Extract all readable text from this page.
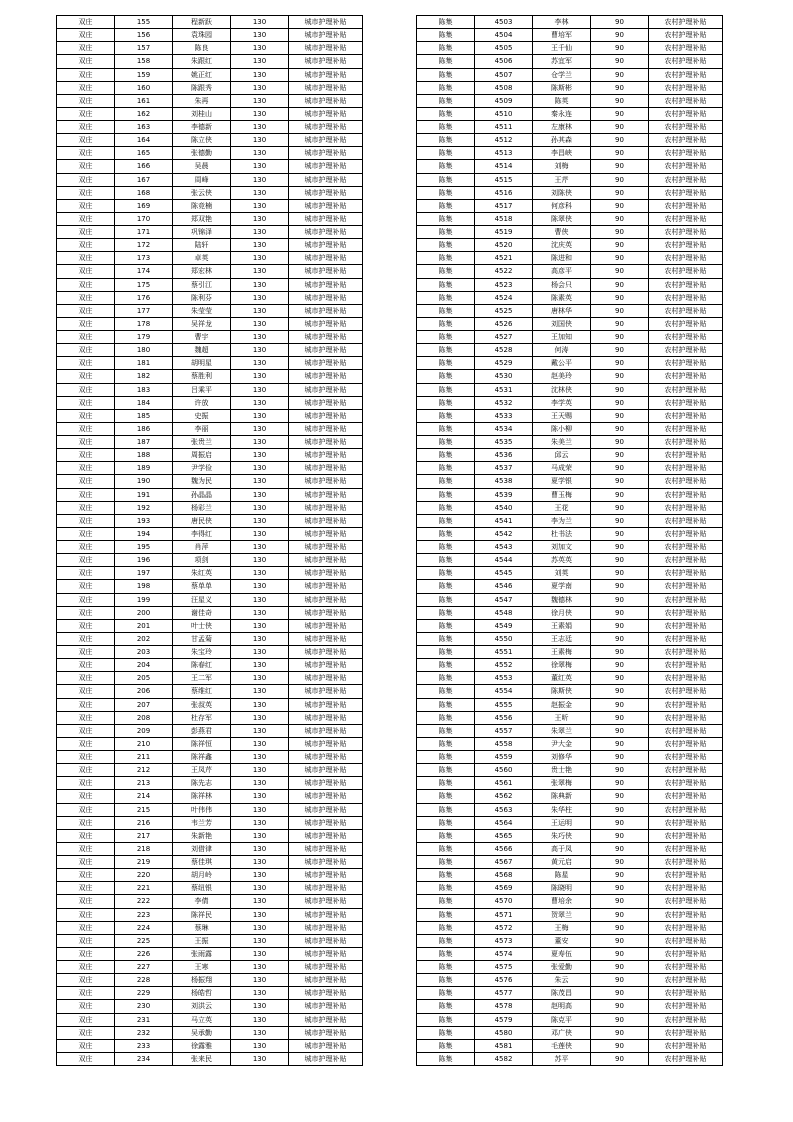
双庄	155	程新跃	130	城市护理补贴
双庄	156	袁珠园	130	城市护理补贴
双庄	157	陈良	130	城市护理补贴
双庄	158	朱跟红	130	城市护理补贴
双庄	159	姚正红	130	城市护理补贴
双庄	160	陈跟秀	130	城市护理补贴
双庄	161	朱再	130	城市护理补贴
双庄	162	刘桂山	130	城市护理补贴
双庄	163	李德新	130	城市护理补贴
双庄	164	陈立侠	130	城市护理补贴
双庄	165	张德勤	130	城市护理补贴
双庄	166	吴晨	130	城市护理补贴
双庄	167	周峰	130	城市护理补贴
双庄	168	张云侠	130	城市护理补贴
双庄	169	陈竞楠	130	城市护理补贴
双庄	170	郑双艳	130	城市护理补贴
双庄	171	巩锦泽	130	城市护理补贴
双庄	172	陆轩	130	城市护理补贴
双庄	173	卓英	130	城市护理补贴
双庄	174	郑宏林	130	城市护理补贴
双庄	175	蔡引江	130	城市护理补贴
双庄	176	陈利芬	130	城市护理补贴
双庄	177	朱莹莹	130	城市护理补贴
双庄	178	吴祥龙	130	城市护理补贴
双庄	179	曹宇	130	城市护理补贴
双庄	180	魏超	130	城市护理补贴
双庄	181	胡明星	130	城市护理补贴
双庄	182	蔡胜利	130	城市护理补贴
双庄	183	吕乘平	130	城市护理补贴
双庄	184	许放	130	城市护理补贴
双庄	185	史振	130	城市护理补贴
双庄	186	李丽	130	城市护理补贴
双庄	187	张贵兰	130	城市护理补贴
双庄	188	周振启	130	城市护理补贴
双庄	189	尹学俭	130	城市护理补贴
双庄	190	魏为民	130	城市护理补贴
双庄	191	孙晶晶	130	城市护理补贴
双庄	192	杨彩兰	130	城市护理补贴
双庄	193	唐民侠	130	城市护理补贴
双庄	194	李得红	130	城市护理补贴
双庄	195	肖萍	130	城市护理补贴
双庄	196	项剑	130	城市护理补贴
双庄	197	朱红英	130	城市护理补贴
双庄	198	蔡单单	130	城市护理补贴
双庄	199	汪星义	130	城市护理补贴
双庄	200	谢佳奇	130	城市护理补贴
双庄	201	叶士侠	130	城市护理补贴
双庄	202	甘孟菊	130	城市护理补贴
双庄	203	朱宝玲	130	城市护理补贴
双庄	204	陈春红	130	城市护理补贴
双庄	205	王二军	130	城市护理补贴
双庄	206	蔡维红	130	城市护理补贴
双庄	207	张叔英	130	城市护理补贴
双庄	208	杜存军	130	城市护理补贴
双庄	209	彭燕君	130	城市护理补贴
双庄	210	陈祥恒	130	城市护理补贴
双庄	211	陈祥鑫	130	城市护理补贴
双庄	212	王凤芹	130	城市护理补贴
双庄	213	陈先志	130	城市护理补贴
双庄	214	陈祥林	130	城市护理补贴
双庄	215	叶伟伟	130	城市护理补贴
双庄	216	韦兰芳	130	城市护理补贴
双庄	217	朱新艳	130	城市护理补贴
双庄	218	刘借律	130	城市护理补贴
双庄	219	蔡佳琪	130	城市护理补贴
双庄	220	胡月岭	130	城市护理补贴
双庄	221	蔡纽银	130	城市护理补贴
双庄	222	李倩	130	城市护理补贴
双庄	223	陈祥民	130	城市护理补贴
双庄	224	蔡琳	130	城市护理补贴
双庄	225	王振	130	城市护理补贴
双庄	226	张雨露	130	城市护理补贴
双庄	227	王寒	130	城市护理补贴
双庄	228	杨振翔	130	城市护理补贴
双庄	229	杨皓哲	130	城市护理补贴
双庄	230	刘洪云	130	城市护理补贴
双庄	231	马立英	130	城市护理补贴
双庄	232	吴承勤	130	城市护理补贴
双庄	233	徐露雅	130	城市护理补贴
双庄	234	张来民	130	城市护理补贴
陈集	4503	李林	90	农村护理补贴
陈集	4504	曹培军	90	农村护理补贴
陈集	4505	王千仙	90	农村护理补贴
陈集	4506	苏宜军	90	农村护理补贴
陈集	4507	仓学兰	90	农村护理补贴
陈集	4508	陈斯彬	90	农村护理补贴
陈集	4509	陈英	90	农村护理补贴
陈集	4510	秦永连	90	农村护理补贴
陈集	4511	左康林	90	农村护理补贴
陈集	4512	孙其森	90	农村护理补贴
陈集	4513	李昌峡	90	农村护理补贴
陈集	4514	刘梅	90	农村护理补贴
陈集	4515	王芹	90	农村护理补贴
陈集	4516	刘陈侠	90	农村护理补贴
陈集	4517	何彦科	90	农村护理补贴
陈集	4518	陈翠侠	90	农村护理补贴
陈集	4519	曹侠	90	农村护理补贴
陈集	4520	沈庆英	90	农村护理补贴
陈集	4521	陈进和	90	农村护理补贴
陈集	4522	高彦平	90	农村护理补贴
陈集	4523	杨会只	90	农村护理补贴
陈集	4524	陈素英	90	农村护理补贴
陈集	4525	唐林华	90	农村护理补贴
陈集	4526	刘国侠	90	农村护理补贴
陈集	4527	王加知	90	农村护理补贴
陈集	4528	何涛	90	农村护理补贴
陈集	4529	戴公平	90	农村护理补贴
陈集	4530	赵美玲	90	农村护理补贴
陈集	4531	沈林侠	90	农村护理补贴
陈集	4532	李学英	90	农村护理补贴
陈集	4533	王天赐	90	农村护理补贴
陈集	4534	陈小柳	90	农村护理补贴
陈集	4535	朱美兰	90	农村护理补贴
陈集	4536	邱云	90	农村护理补贴
陈集	4537	马成荣	90	农村护理补贴
陈集	4538	夏学银	90	农村护理补贴
陈集	4539	曹玉梅	90	农村护理补贴
陈集	4540	王花	90	农村护理补贴
陈集	4541	李为兰	90	农村护理补贴
陈集	4542	杜书法	90	农村护理补贴
陈集	4543	刘加文	90	农村护理补贴
陈集	4544	苏英英	90	农村护理补贴
陈集	4545	刘英	90	农村护理补贴
陈集	4546	夏学南	90	农村护理补贴
陈集	4547	魏德林	90	农村护理补贴
陈集	4548	徐月侠	90	农村护理补贴
陈集	4549	王素娟	90	农村护理补贴
陈集	4550	王志廷	90	农村护理补贴
陈集	4551	王素梅	90	农村护理补贴
陈集	4552	徐翠梅	90	农村护理补贴
陈集	4553	董红英	90	农村护理补贴
陈集	4554	陈斯侠	90	农村护理补贴
陈集	4555	赵振金	90	农村护理补贴
陈集	4556	王昕	90	农村护理补贴
陈集	4557	朱翠兰	90	农村护理补贴
陈集	4558	尹大金	90	农村护理补贴
陈集	4559	刘修华	90	农村护理补贴
陈集	4560	贵士艳	90	农村护理补贴
陈集	4561	张翠梅	90	农村护理补贴
陈集	4562	陈典新	90	农村护理补贴
陈集	4563	朱华柱	90	农村护理补贴
陈集	4564	王运明	90	农村护理补贴
陈集	4565	朱巧侠	90	农村护理补贴
陈集	4566	高于凤	90	农村护理补贴
陈集	4567	黄元启	90	农村护理补贴
陈集	4568	陈星	90	农村护理补贴
陈集	4569	陈晓明	90	农村护理补贴
陈集	4570	曹培余	90	农村护理补贴
陈集	4571	贺翠兰	90	农村护理补贴
陈集	4572	王梅	90	农村护理补贴
陈集	4573	董安	90	农村护理补贴
陈集	4574	夏寿伍	90	农村护理补贴
陈集	4575	张爱勤	90	农村护理补贴
陈集	4576	朱云	90	农村护理补贴
陈集	4577	陈茂昌	90	农村护理补贴
陈集	4578	赵明高	90	农村护理补贴
陈集	4579	陈克平	90	农村护理补贴
陈集	4580	邓广侠	90	农村护理补贴
陈集	4581	毛莲侠	90	农村护理补贴
陈集	4582	苏平	90	农村护理补贴
